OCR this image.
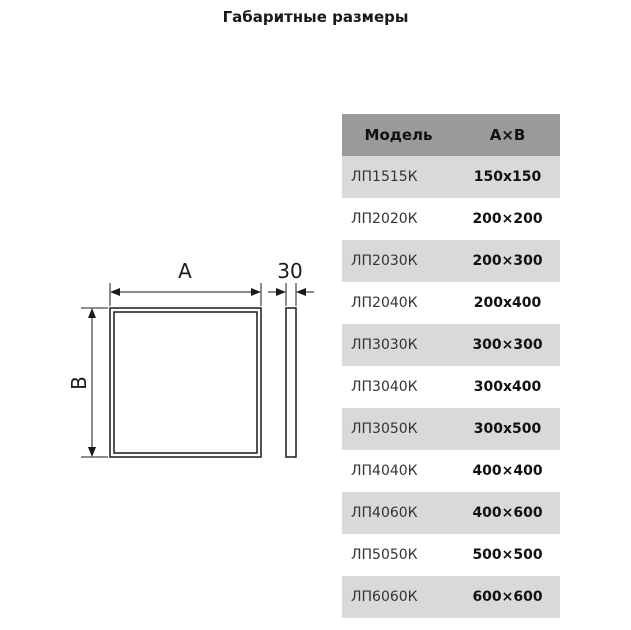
Габаритные размеры
A
B
30
Модель	A×B
ЛП1515К	150x150
ЛП2020К	200×200
ЛП2030К	200×300
ЛП2040К	200x400
ЛП3030К	300×300
ЛП3040К	300x400
ЛП3050К	300x500
ЛП4040К	400×400
ЛП4060К	400×600
ЛП5050К	500×500
ЛП6060К	600×600
